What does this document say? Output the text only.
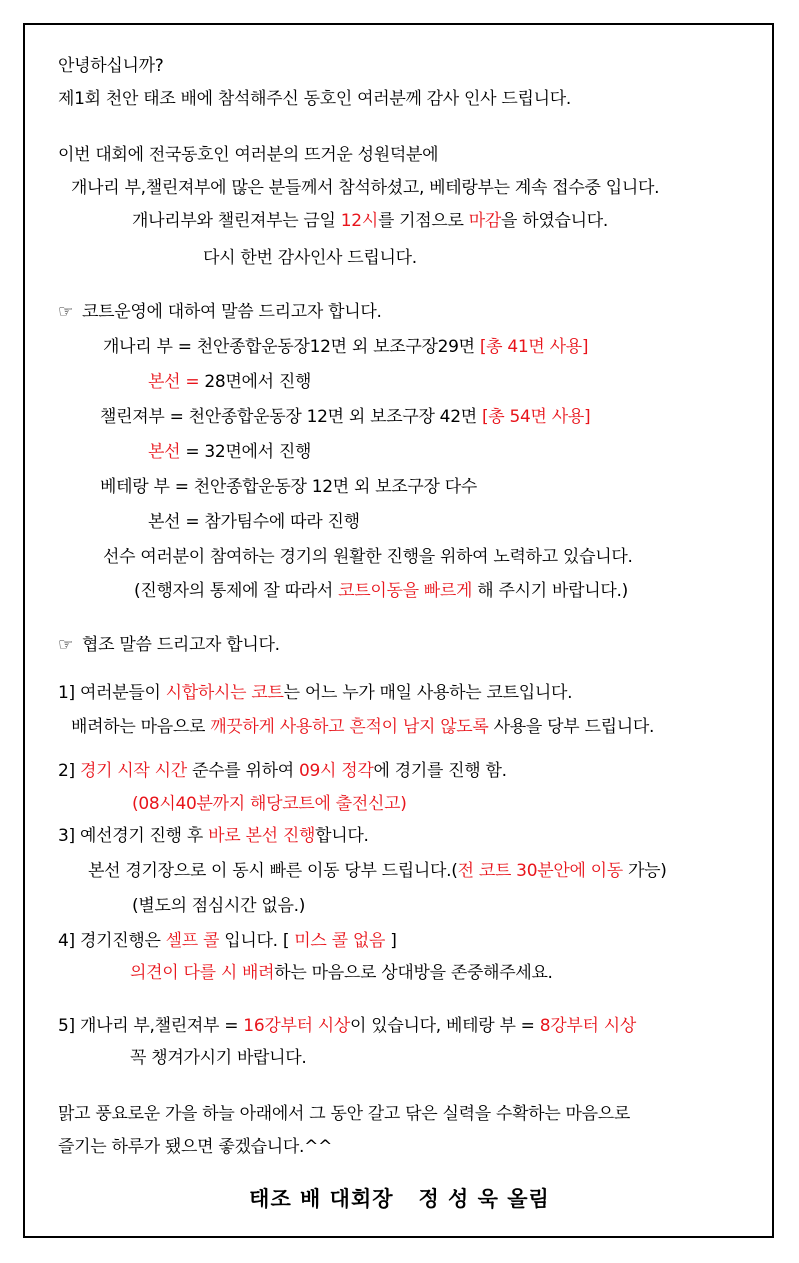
안녕하십니까?
제1회 천안 태조 배에 참석해주신 동호인 여러분께 감사 인사 드립니다.
이번 대회에 전국동호인 여러분의 뜨거운 성원덕분에
개나리 부,챌린져부에 많은 분들께서 참석하셨고, 베테랑부는 계속 접수중 입니다.
개나리부와 챌린져부는 금일 12시를 기점으로 마감을 하였습니다.
다시 한번 감사인사 드립니다.
☞ 코트운영에 대하여 말씀 드리고자 합니다.
개나리 부 = 천안종합운동장12면 외 보조구장29면 [총 41면 사용]
본선 = 28면에서 진행
챌린져부 = 천안종합운동장 12면 외 보조구장 42면 [총 54면 사용]
본선 = 32면에서 진행
베테랑 부 = 천안종합운동장 12면 외 보조구장 다수
본선 = 참가팀수에 따라 진행
선수 여러분이 참여하는 경기의 원활한 진행을 위하여 노력하고 있습니다.
(진행자의 통제에 잘 따라서 코트이동을 빠르게 해 주시기 바랍니다.)
☞ 협조 말씀 드리고자 합니다.
1] 여러분들이 시합하시는 코트는 어느 누가 매일 사용하는 코트입니다.
배려하는 마음으로 깨끗하게 사용하고 흔적이 남지 않도록 사용을 당부 드립니다.
2] 경기 시작 시간 준수를 위하여 09시 정각에 경기를 진행 함.
(08시40분까지 해당코트에 출전신고)
3] 예선경기 진행 후 바로 본선 진행합니다.
본선 경기장으로 이 동시 빠른 이동 당부 드립니다.(전 코트 30분안에 이동 가능)
(별도의 점심시간 없음.)
4] 경기진행은 셀프 콜 입니다. [ 미스 콜 없음 ]
의견이 다를 시 배려하는 마음으로 상대방을 존중해주세요.
5] 개나리 부,챌린져부 = 16강부터 시상이 있습니다, 베테랑 부 = 8강부터 시상
꼭 챙겨가시기 바랍니다.
맑고 풍요로운 가을 하늘 아래에서 그 동안 갈고 닦은 실력을 수확하는 마음으로
즐기는 하루가 됐으면 좋겠습니다.^^
태조 배 대회장   정 성 욱 올림
